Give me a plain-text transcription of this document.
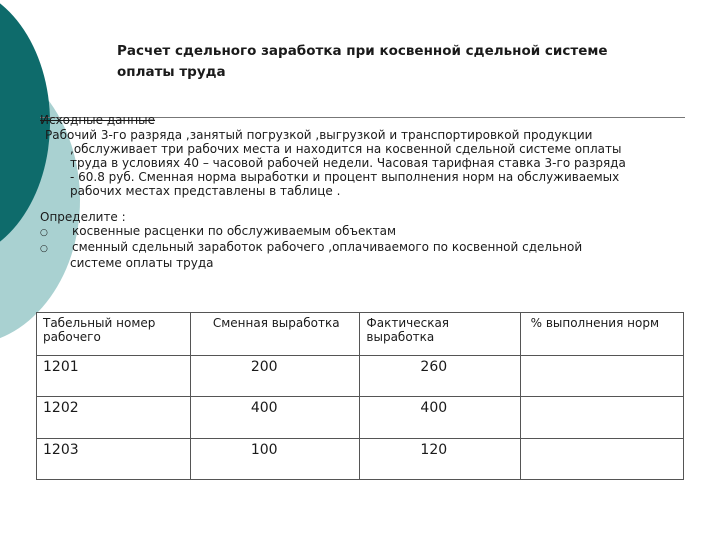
Расчет сдельного заработка при косвенной сдельной системе
оплаты труда
Исходные данные
Рабочий 3-го разряда ,занятый погрузкой ,выгрузкой и транспортировкой продукции
,обслуживает три рабочих места и находится на косвенной сдельной системе оплаты
труда в условиях 40 – часовой рабочей недели. Часовая тарифная ставка 3-го разряда
- 60.8 руб. Сменная норма выработки и процент выполнения норм на обслуживаемых
рабочих местах представлены в таблице .
Определите :
○	косвенные расценки по обслуживаемым объектам
○	сменный сдельный заработок рабочего ,оплачиваемого по косвенной сдельной
системе оплаты труда
Табельный номер рабочего	Сменная выработка	Фактическая выработка	% выполнения норм
1201	200	260	
1202	400	400	
1203	100	120	
